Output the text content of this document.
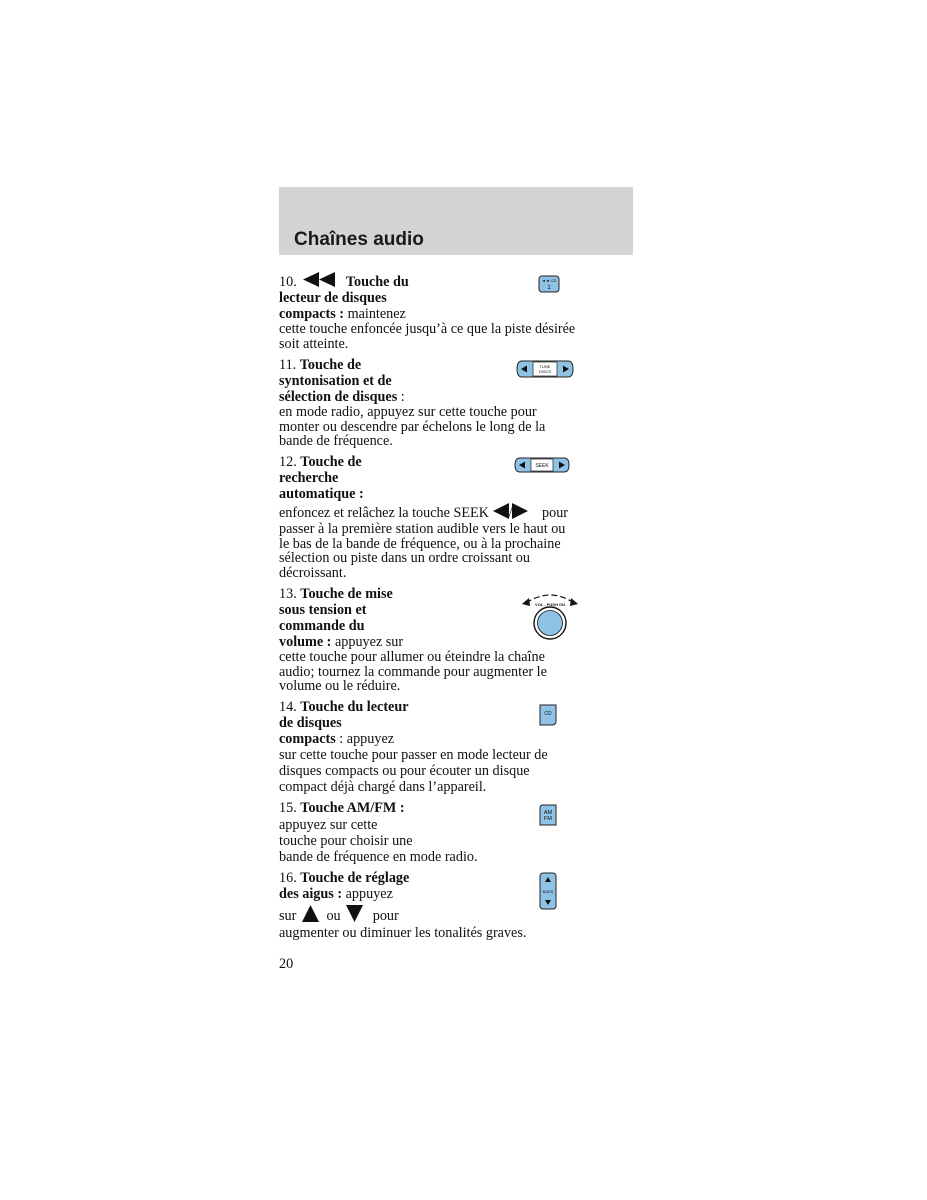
Chaînes audio
10.	Touche du
lecteur de disques
compacts : maintenez
cette touche enfoncée jusqu’à ce que la piste désirée
soit atteinte.
◄◄ CD
1
11. Touche de
syntonisation et de
sélection de disques :
en mode radio, appuyez sur cette touche pour
monter ou descendre par échelons le long de la
bande de fréquence.
TUNE
DISCS
12. Touche de
recherche
automatique :
enfoncez et relâchez la touche SEEK / pour
passer à la première station audible vers le haut ou
le bas de la bande de fréquence, ou à la prochaine
sélection ou piste dans un ordre croissant ou
décroissant.
SEEK
13. Touche de mise
sous tension et
commande du
volume : appuyez sur
cette touche pour allumer ou éteindre la chaîne
audio; tournez la commande pour augmenter le
volume ou le réduire.
VOL - PUSH ON
14. Touche du lecteur
de disques
compacts : appuyez
sur cette touche pour passer en mode lecteur de
disques compacts ou pour écouter un disque
compact déjà chargé dans l’appareil.
CD
15. Touche AM/FM :
appuyez sur cette
touche pour choisir une
bande de fréquence en mode radio.
AM
FM
16. Touche de réglage
des aigus : appuyez
sur ou pour
augmenter ou diminuer les tonalités graves.
BASS
20
